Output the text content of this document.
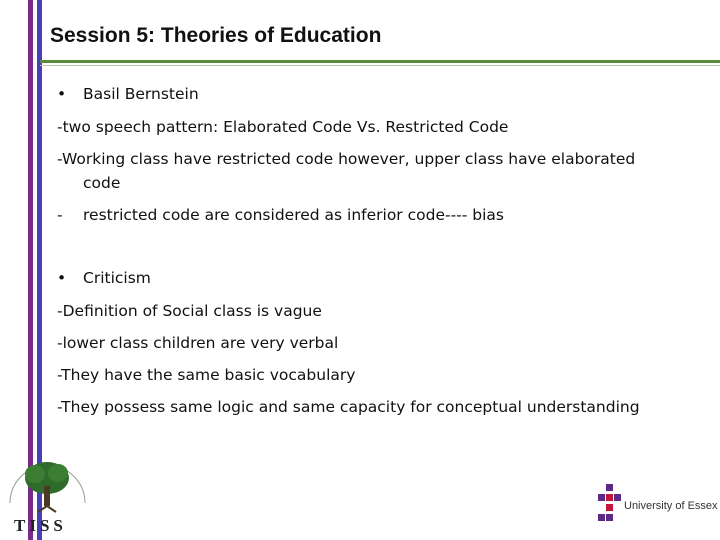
Session 5: Theories of Education
• Basil Bernstein
-two speech pattern: Elaborated Code Vs. Restricted Code
-Working class have restricted code however, upper class have elaborated
code
- restricted code are considered as inferior code---- bias
• Criticism
-Definition of Social class is vague
-lower class children are very verbal
-They have the same basic vocabulary
-They possess same logic and same capacity for conceptual understanding
TISS
University of Essex
